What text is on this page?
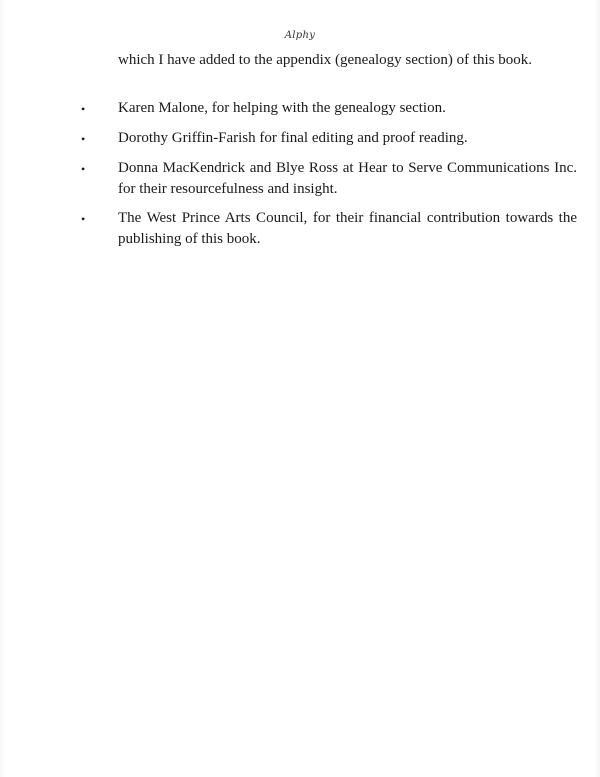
Alphy
which I have added to the appendix (genealogy section) of this book.
• Karen Malone, for helping with the genealogy section.
• Dorothy Griffin-Farish for final editing and proof reading.
• Donna MacKendrick and Blye Ross at Hear to Serve Communications Inc. for their resourcefulness and insight.
• The West Prince Arts Council, for their financial contribution towards the publishing of this book.
